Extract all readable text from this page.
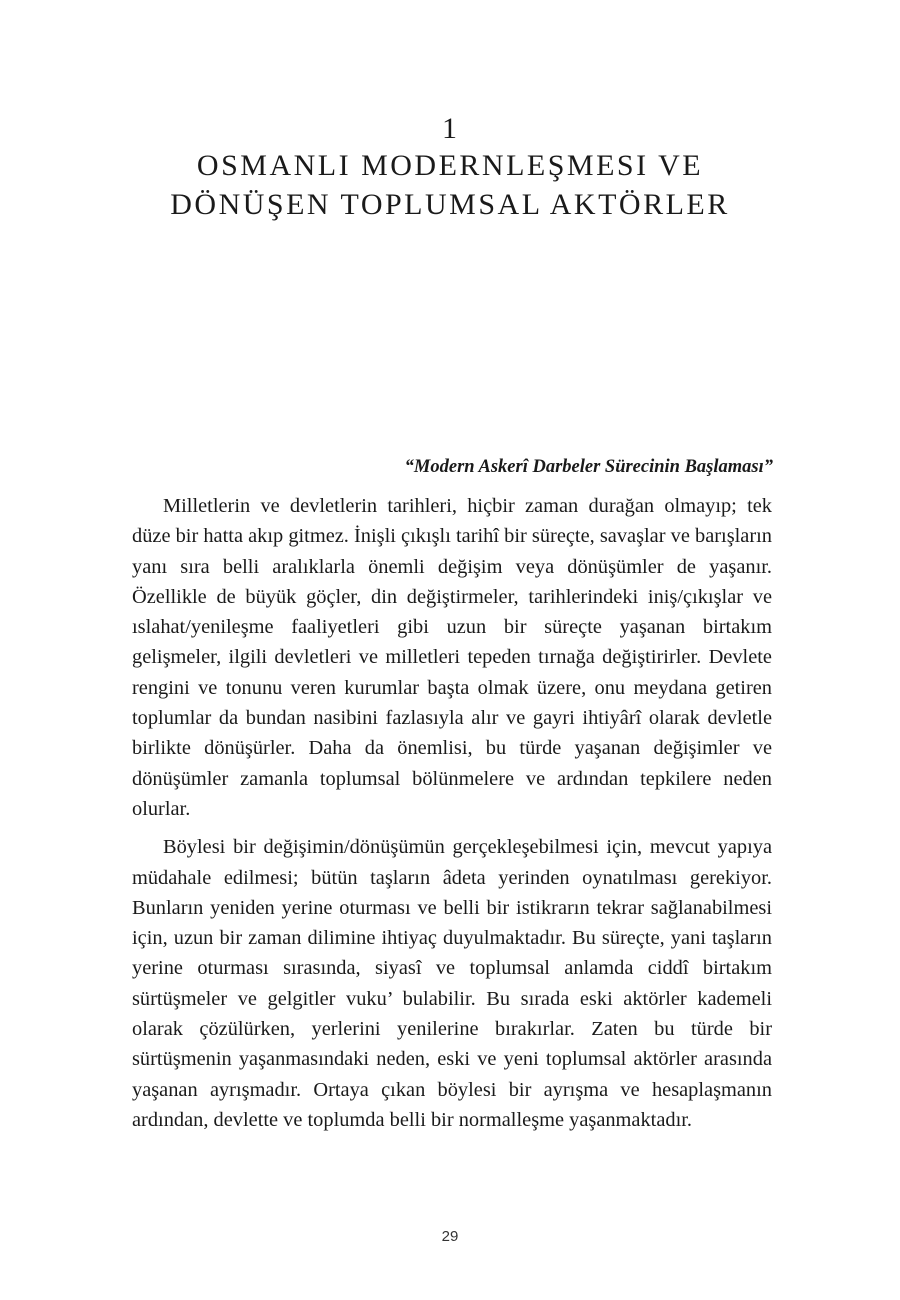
1
OSMANLI MODERNLEŞMESI VE
DÖNÜŞEN TOPLUMSAL AKTÖRLER
“Modern Askerî Darbeler Sürecinin Başlaması”

Milletlerin ve devletlerin tarihleri, hiçbir zaman durağan olmayıp; tek düze bir hatta akıp gitmez. İnişli çıkışlı tarihî bir süreçte, savaşlar ve barışların yanı sıra belli aralıklarla önemli değişim veya dönüşümler de yaşanır. Özellikle de büyük göçler, din değiştirmeler, tarihlerindeki iniş/çıkışlar ve ıslahat/yenileşme faaliyetleri gibi uzun bir süreçte yaşanan birtakım gelişmeler, ilgili devletleri ve milletleri tepeden tırnağa değiştirirler. Devlete rengini ve tonunu veren kurumlar başta olmak üzere, onu meydana getiren toplumlar da bundan nasibini fazlasıyla alır ve gayri ihtiyârî olarak devletle birlikte dönüşürler. Daha da önemlisi, bu türde yaşanan değişimler ve dönüşümler zamanla toplumsal bölünmelere ve ardından tepkilere neden olurlar.

Böylesi bir değişimin/dönüşümün gerçekleşebilmesi için, mevcut yapıya müdahale edilmesi; bütün taşların âdeta yerinden oynatılması gerekiyor. Bunların yeniden yerine oturması ve belli bir istikrarın tekrar sağlanabilmesi için, uzun bir zaman dilimine ihtiyaç duyulmaktadır. Bu süreçte, yani taşların yerine oturması sırasında, siyasî ve toplumsal anlamda ciddî birtakım sürtüşmeler ve gelgitler vuku’ bulabilir. Bu sırada eski aktörler kademeli olarak çözülürken, yerlerini yenilerine bırakırlar. Zaten bu türde bir sürtüşmenin yaşanmasındaki neden, eski ve yeni toplumsal aktörler arasında yaşanan ayrışmadır. Ortaya çıkan böylesi bir ayrışma ve hesaplaşmanın ardından, devlette ve toplumda belli bir normalleşme yaşanmaktadır.

29
